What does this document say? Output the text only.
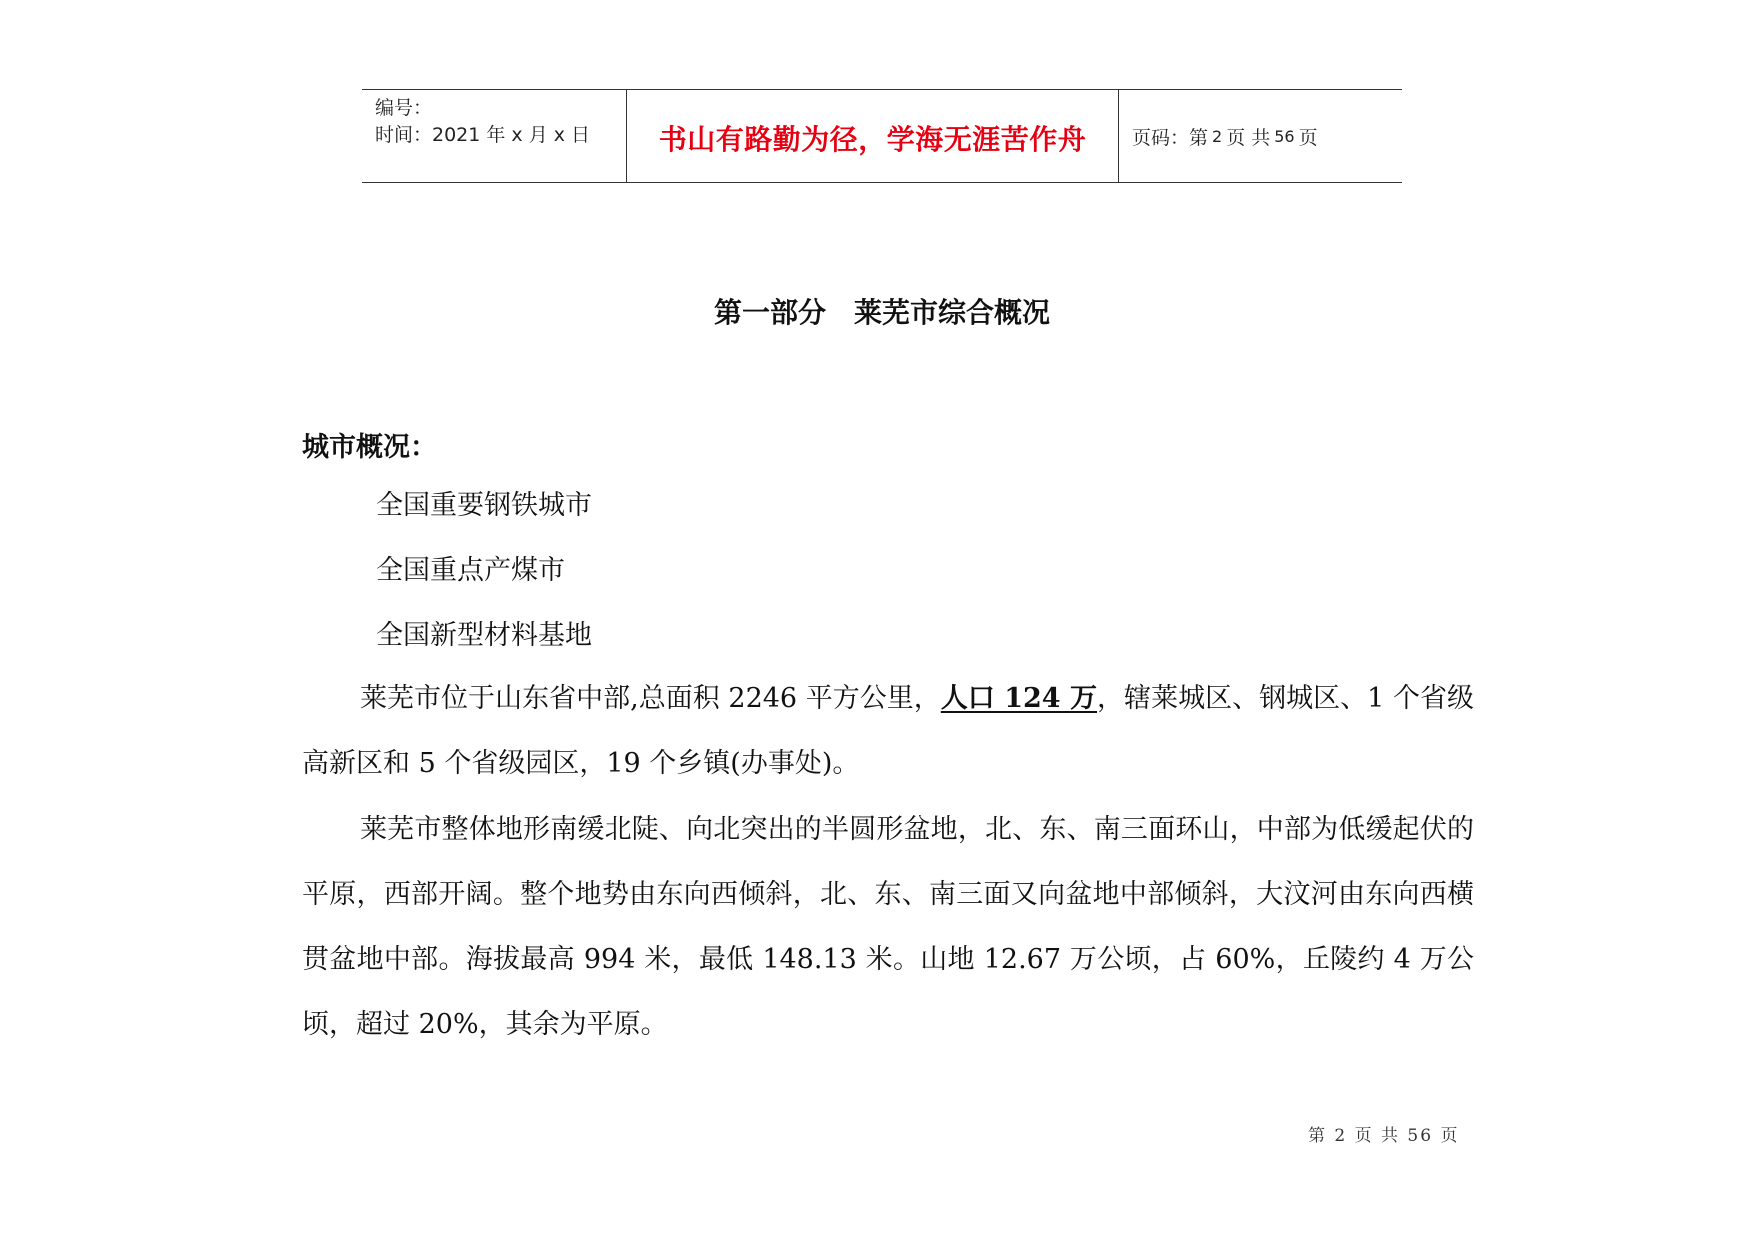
编号：
时间：2021 年 x 月 x 日 书山有路勤为径，学海无涯苦作舟 页码：第 2 页 共 56 页
第一部分 莱芜市综合概况
城市概况：
全国重要钢铁城市
全国重点产煤市
全国新型材料基地
莱芜市位于山东省中部,总面积 2246 平方公里，人口 124 万，辖莱城区、钢城区、1 个省级高新区和 5 个省级园区，19 个乡镇(办事处)。
莱芜市整体地形南缓北陡、向北突出的半圆形盆地，北、东、南三面环山，中部为低缓起伏的平原，西部开阔。整个地势由东向西倾斜，北、东、南三面又向盆地中部倾斜，大汶河由东向西横贯盆地中部。海拔最高 994 米，最低 148.13 米。山地 12.67 万公顷，占 60%，丘陵约 4 万公顷，超过 20%，其余为平原。
第 2 页 共 56 页
